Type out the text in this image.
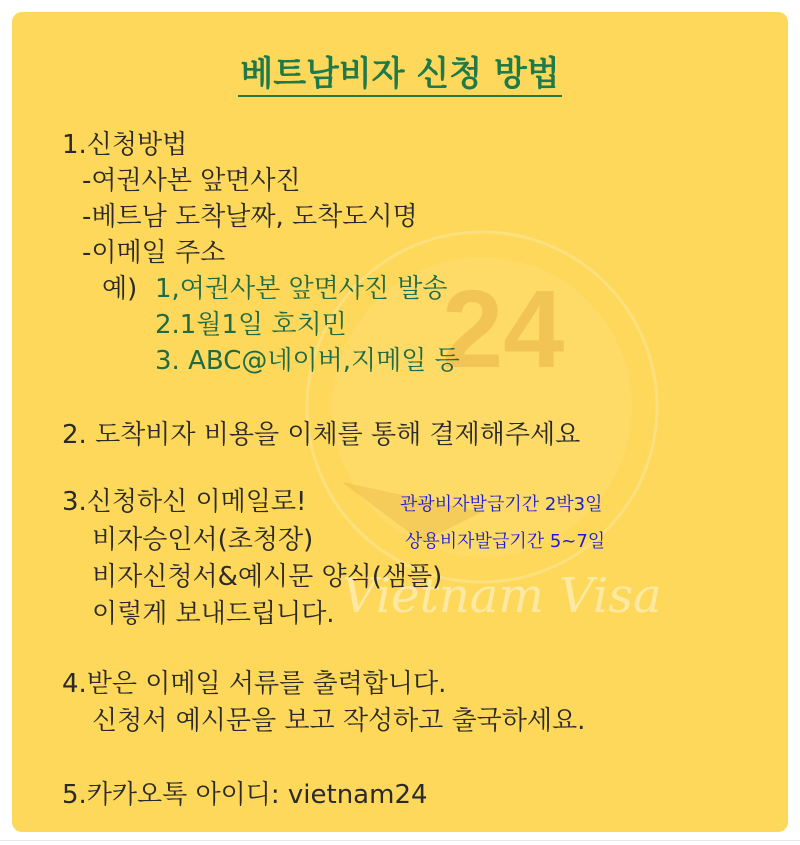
24
Vietnam Visa
베트남비자 신청 방법
1.신청방법
-여권사본 앞면사진
-베트남 도착날짜, 도착도시명
-이메일 주소
예) 1,여권사본 앞면사진 발송
2.1월1일 호치민
3. ABC@네이버,지메일 등
2. 도착비자 비용을 이체를 통해 결제해주세요
3.신청하신 이메일로!
비자승인서(초청장)
비자신청서&예시문 양식(샘플)
이렇게 보내드립니다.
관광비자발급기간 2박3일
상용비자발급기간 5~7일
4.받은 이메일 서류를 출력합니다.
신청서 예시문을 보고 작성하고 출국하세요.
5.카카오톡 아이디: vietnam24
